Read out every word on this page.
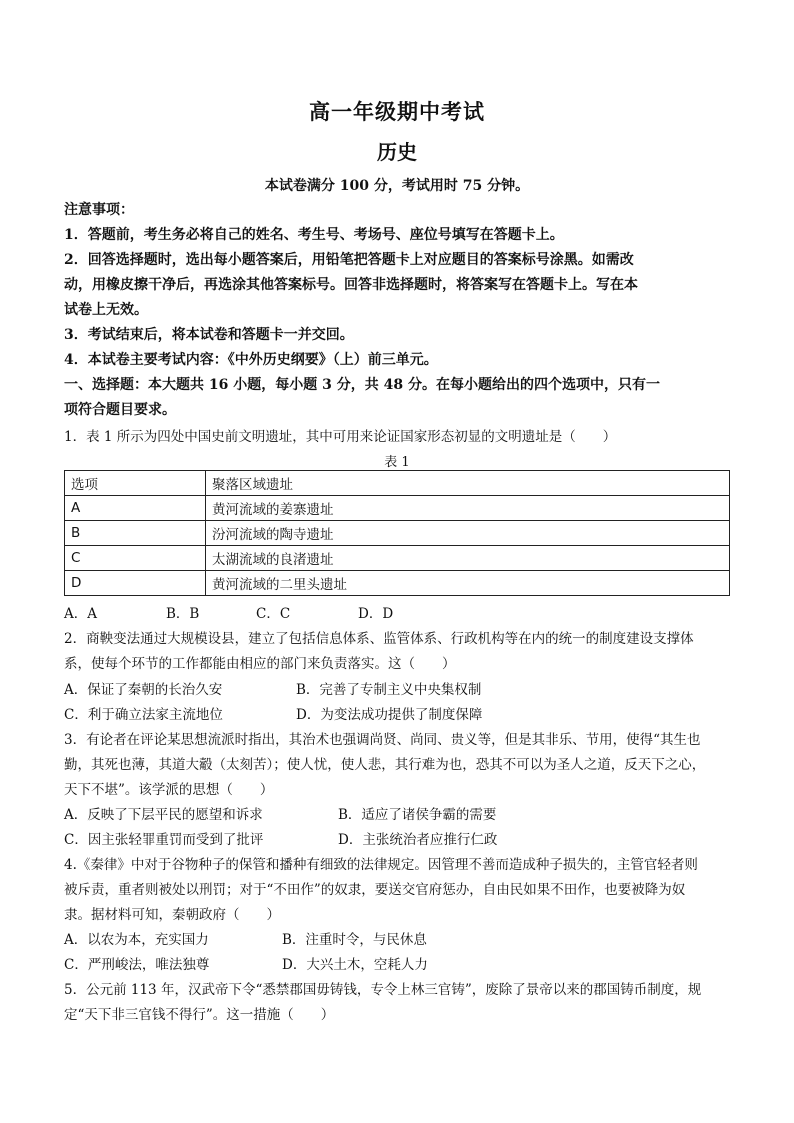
高一年级期中考试
历史
本试卷满分 100 分，考试用时 75 分钟。
注意事项：
1．答题前，考生务必将自己的姓名、考生号、考场号、座位号填写在答题卡上。
2．回答选择题时，选出每小题答案后，用铅笔把答题卡上对应题目的答案标号涂黑。如需改
动，用橡皮擦干净后，再选涂其他答案标号。回答非选择题时，将答案写在答题卡上。写在本
试卷上无效。
3．考试结束后，将本试卷和答题卡一并交回。
4．本试卷主要考试内容：《中外历史纲要》（上）前三单元。
一、选择题：本大题共 16 小题，每小题 3 分，共 48 分。在每小题给出的四个选项中，只有一
项符合题目要求。
1．表 1 所示为四处中国史前文明遗址，其中可用来论证国家形态初显的文明遗址是（　　）
表 1
选项	聚落区域遗址
A	黄河流域的姜寨遗址
B	汾河流域的陶寺遗址
C	太湖流域的良渚遗址
D	黄河流域的二里头遗址
A．A	B．B	C．C	D．D
2．商鞅变法通过大规模设县，建立了包括信息体系、监管体系、行政机构等在内的统一的制度建设支撑体
系，使每个环节的工作都能由相应的部门来负责落实。这（　　）
A．保证了秦朝的长治久安	B．完善了专制主义中央集权制
C．利于确立法家主流地位	D．为变法成功提供了制度保障
3．有论者在评论某思想流派时指出，其治术也强调尚贤、尚同、贵义等，但是其非乐、节用，使得“其生也
勤，其死也薄，其道大觳（太刻苦）；使人忧，使人悲，其行难为也，恐其不可以为圣人之道，反天下之心，
天下不堪”。该学派的思想（　　）
A．反映了下层平民的愿望和诉求	B．适应了诸侯争霸的需要
C．因主张轻罪重罚而受到了批评	D．主张统治者应推行仁政
4.《秦律》中对于谷物种子的保管和播种有细致的法律规定。因管理不善而造成种子损失的，主管官轻者则
被斥责，重者则被处以刑罚；对于“不田作”的奴隶，要送交官府惩办，自由民如果不田作，也要被降为奴
隶。据材料可知，秦朝政府（　　）
A．以农为本，充实国力	B．注重时令，与民休息
C．严刑峻法，唯法独尊	D．大兴土木，空耗人力
5．公元前 113 年，汉武帝下令“悉禁郡国毋铸钱，专令上林三官铸”，废除了景帝以来的郡国铸币制度，规
定“天下非三官钱不得行”。这一措施（　　）
